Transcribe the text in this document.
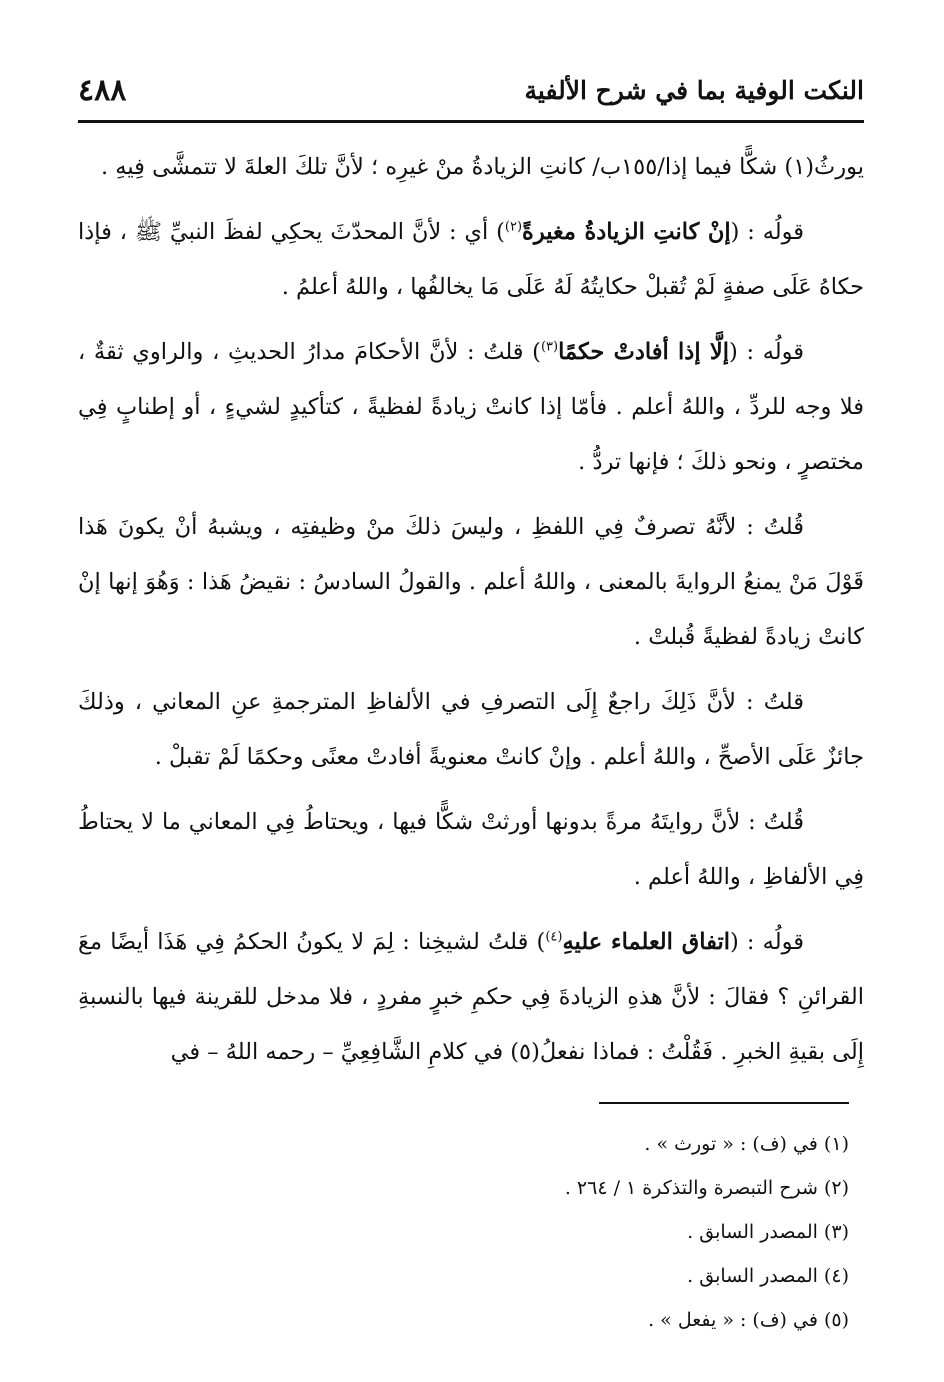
النكت الوفية بما في شرح الألفية
٤٨٨

يورثُ(١) شكًّا فيما إذا/١٥٥ب/ كانتِ الزيادةُ منْ غيرِه ؛ لأنَّ تلكَ العلةَ لا تتمشَّى فِيهِ .

قولُه : (إنْ كانتِ الزيادةُ مغيرةً$^{(٢)}$) أي : لأنَّ المحدّثَ يحكِي لفظَ النبيِّ ﷺ ، فإذا حكاهُ عَلَى صفةٍ لَمْ تُقبلْ حكايتُهُ لَهُ عَلَى مَا يخالفُها ، واللهُ أعلمُ .

قولُه : (إلَّا إذا أفادتْ حكمًا$^{(٣)}$) قلتُ : لأنَّ الأحكامَ مدارُ الحديثِ ، والراوي ثقةٌ ، فلا وجه للردِّ ، واللهُ أعلم . فأمّا إذا كانتْ زيادةً لفظيةً ، كتأكيدٍ لشيءٍ ، أو إطنابٍ فِي مختصرٍ ، ونحو ذلكَ ؛ فإنها تردُّ .

قُلتُ : لأنَّهُ تصرفٌ فِي اللفظِ ، وليسَ ذلكَ منْ وظيفتِه ، ويشبهُ أنْ يكونَ هَذا قَوْلَ مَنْ يمنعُ الروايةَ بالمعنى ، واللهُ أعلم . والقولُ السادسُ : نقيضُ هَذا : وَهُوَ إنها إنْ كانتْ زيادةً لفظيةً قُبلتْ .

قلتُ : لأنَّ ذَلِكَ راجعٌ إِلَى التصرفِ في الألفاظِ المترجمةِ عنِ المعاني ، وذلكَ جائزٌ عَلَى الأصحِّ ، واللهُ أعلم . وإنْ كانتْ معنويةً أفادتْ معنًى وحكمًا لَمْ تقبلْ .

قُلتُ : لأنَّ روايتَهُ مرةً بدونها أورثتْ شكًّا فيها ، ويحتاطُ فِي المعاني ما لا يحتاطُ فِي الألفاظِ ، واللهُ أعلم .

قولُه : (اتفاق العلماء عليهِ$^{(٤)}$) قلتُ لشيخِنا : لِمَ لا يكونُ الحكمُ فِي هَذَا أيضًا معَ القرائنِ ؟ فقالَ : لأنَّ هذهِ الزيادةَ فِي حكمِ خبرٍ مفردٍ ، فلا مدخل للقرينة فيها بالنسبةِ إِلَى بقيةِ الخبرِ . فَقُلْتُ : فماذا نفعلُ(٥) في كلامِ الشَّافِعِيِّ – رحمه اللهُ – في

(١) في (ف) : « تورث » .
(٢) شرح التبصرة والتذكرة ١ / ٢٦٤ .
(٣) المصدر السابق .
(٤) المصدر السابق .
(٥) في (ف) : « يفعل » .
